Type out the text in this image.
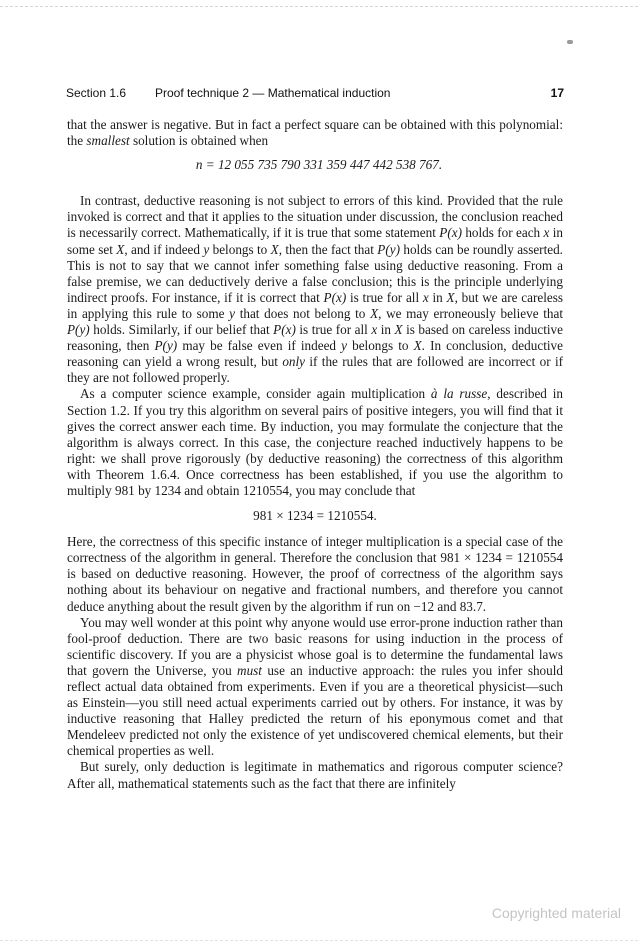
Section 1.6 Proof technique 2 — Mathematical induction	17

that the answer is negative. But in fact a perfect square can be obtained with this polynomial: the smallest solution is obtained when

n = 12 055 735 790 331 359 447 442 538 767.

In contrast, deductive reasoning is not subject to errors of this kind. Provided that the rule invoked is correct and that it applies to the situation under discussion, the conclusion reached is necessarily correct. Mathematically, if it is true that some statement P(x) holds for each x in some set X, and if indeed y belongs to X, then the fact that P(y) holds can be roundly asserted. This is not to say that we cannot infer something false using deductive reasoning. From a false premise, we can deductively derive a false conclusion; this is the principle underlying indirect proofs. For instance, if it is correct that P(x) is true for all x in X, but we are careless in applying this rule to some y that does not belong to X, we may erroneously believe that P(y) holds. Similarly, if our belief that P(x) is true for all x in X is based on careless inductive reasoning, then P(y) may be false even if indeed y belongs to X. In conclusion, deductive reasoning can yield a wrong result, but only if the rules that are followed are incorrect or if they are not followed properly.

As a computer science example, consider again multiplication à la russe, described in Section 1.2. If you try this algorithm on several pairs of positive integers, you will find that it gives the correct answer each time. By induction, you may formulate the conjecture that the algorithm is always correct. In this case, the conjecture reached inductively happens to be right: we shall prove rigorously (by deductive reasoning) the correctness of this algorithm with Theorem 1.6.4. Once correctness has been established, if you use the algorithm to multiply 981 by 1234 and obtain 1210554, you may conclude that

981 × 1234 = 1210554.

Here, the correctness of this specific instance of integer multiplication is a special case of the correctness of the algorithm in general. Therefore the conclusion that 981 × 1234 = 1210554 is based on deductive reasoning. However, the proof of correctness of the algorithm says nothing about its behaviour on negative and fractional numbers, and therefore you cannot deduce anything about the result given by the algorithm if run on −12 and 83.7.

You may well wonder at this point why anyone would use error-prone induction rather than fool-proof deduction. There are two basic reasons for using induction in the process of scientific discovery. If you are a physicist whose goal is to determine the fundamental laws that govern the Universe, you must use an inductive approach: the rules you infer should reflect actual data obtained from experiments. Even if you are a theoretical physicist—such as Einstein—you still need actual experiments carried out by others. For instance, it was by inductive reasoning that Halley predicted the return of his eponymous comet and that Mendeleev predicted not only the existence of yet undiscovered chemical elements, but their chemical properties as well.

But surely, only deduction is legitimate in mathematics and rigorous computer science? After all, mathematical statements such as the fact that there are infinitely

Copyrighted material
